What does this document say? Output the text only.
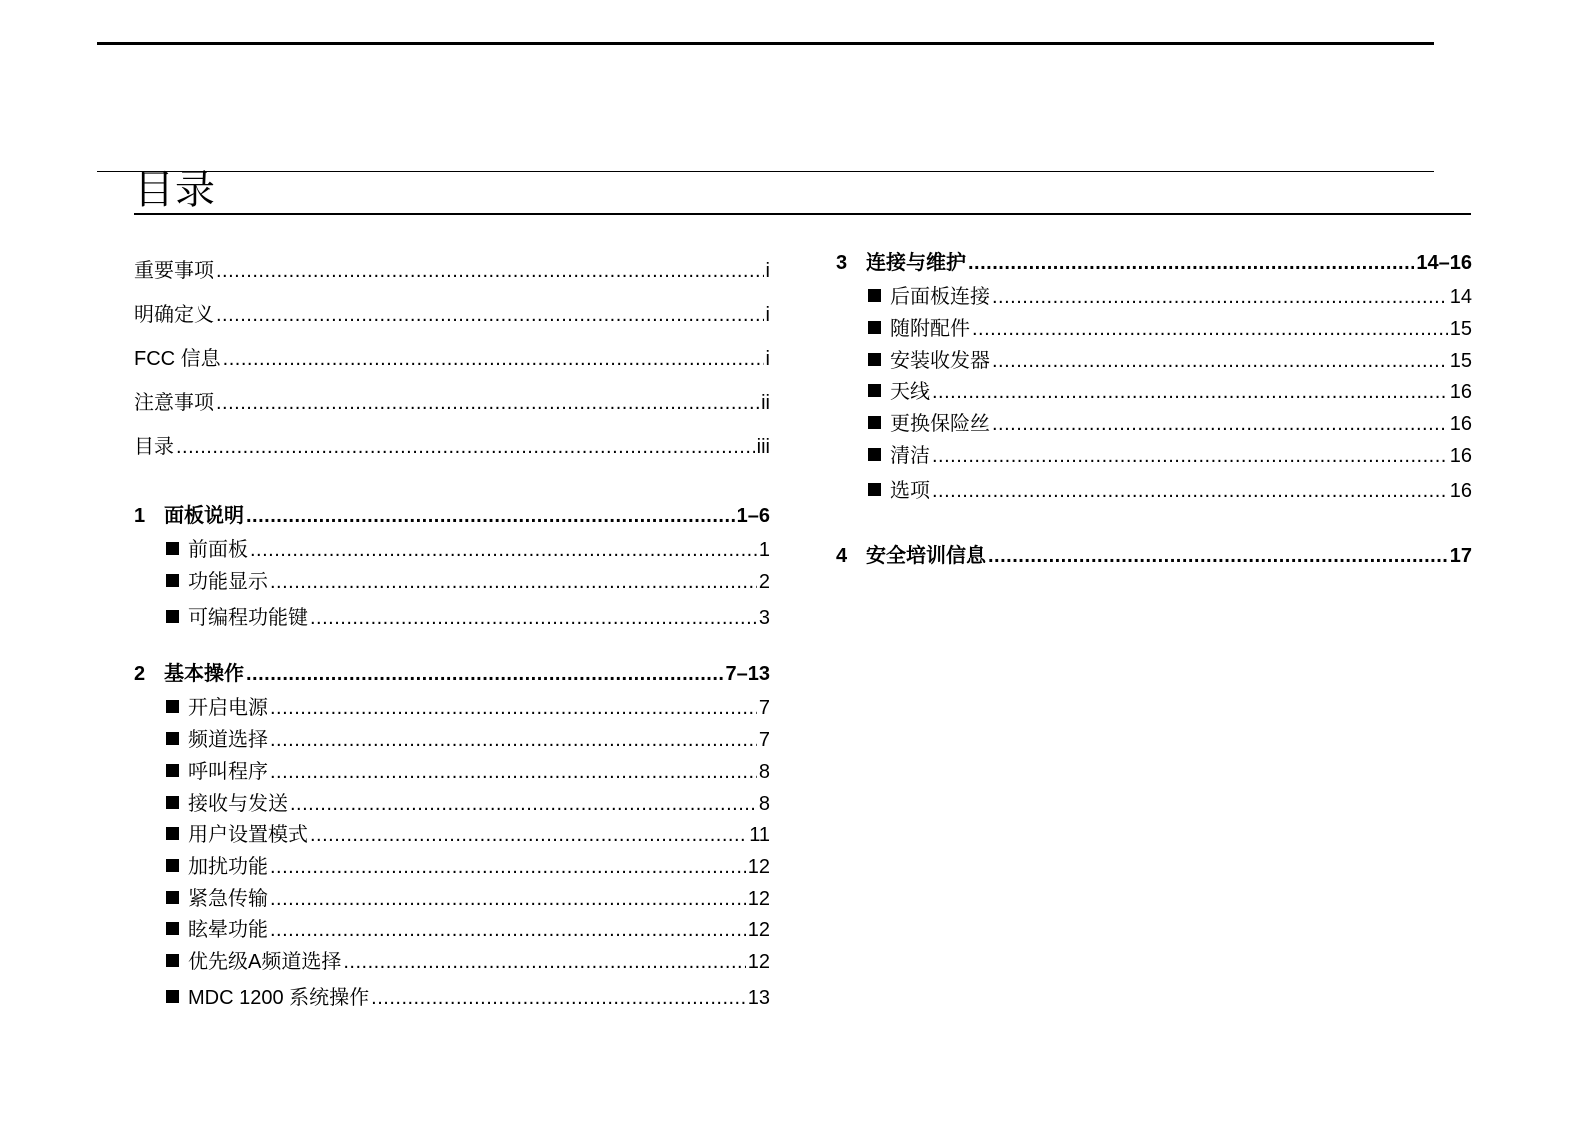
目录
重要事项 .....	i
明确定义 .....	i
FCC 信息 .....	i
注意事项 .....	ii
目录 .....	iii
1 面板说明 .....	1–6
前面板 .....	1
功能显示 .....	2
可编程功能键 .....	3
2 基本操作 .....	7–13
开启电源 .....	7
频道选择 .....	7
呼叫程序 .....	8
接收与发送 .....	8
用户设置模式 .....	11
加扰功能 .....	12
紧急传输 .....	12
眩晕功能 .....	12
优先级A频道选择 .....	12
MDC 1200 系统操作 .....	13
3 连接与维护 .....	14–16
后面板连接 .....	14
随附配件 .....	15
安装收发器 .....	15
天线 .....	16
更换保险丝 .....	16
清洁 .....	16
选项 .....	16
4 安全培训信息 .....	17
